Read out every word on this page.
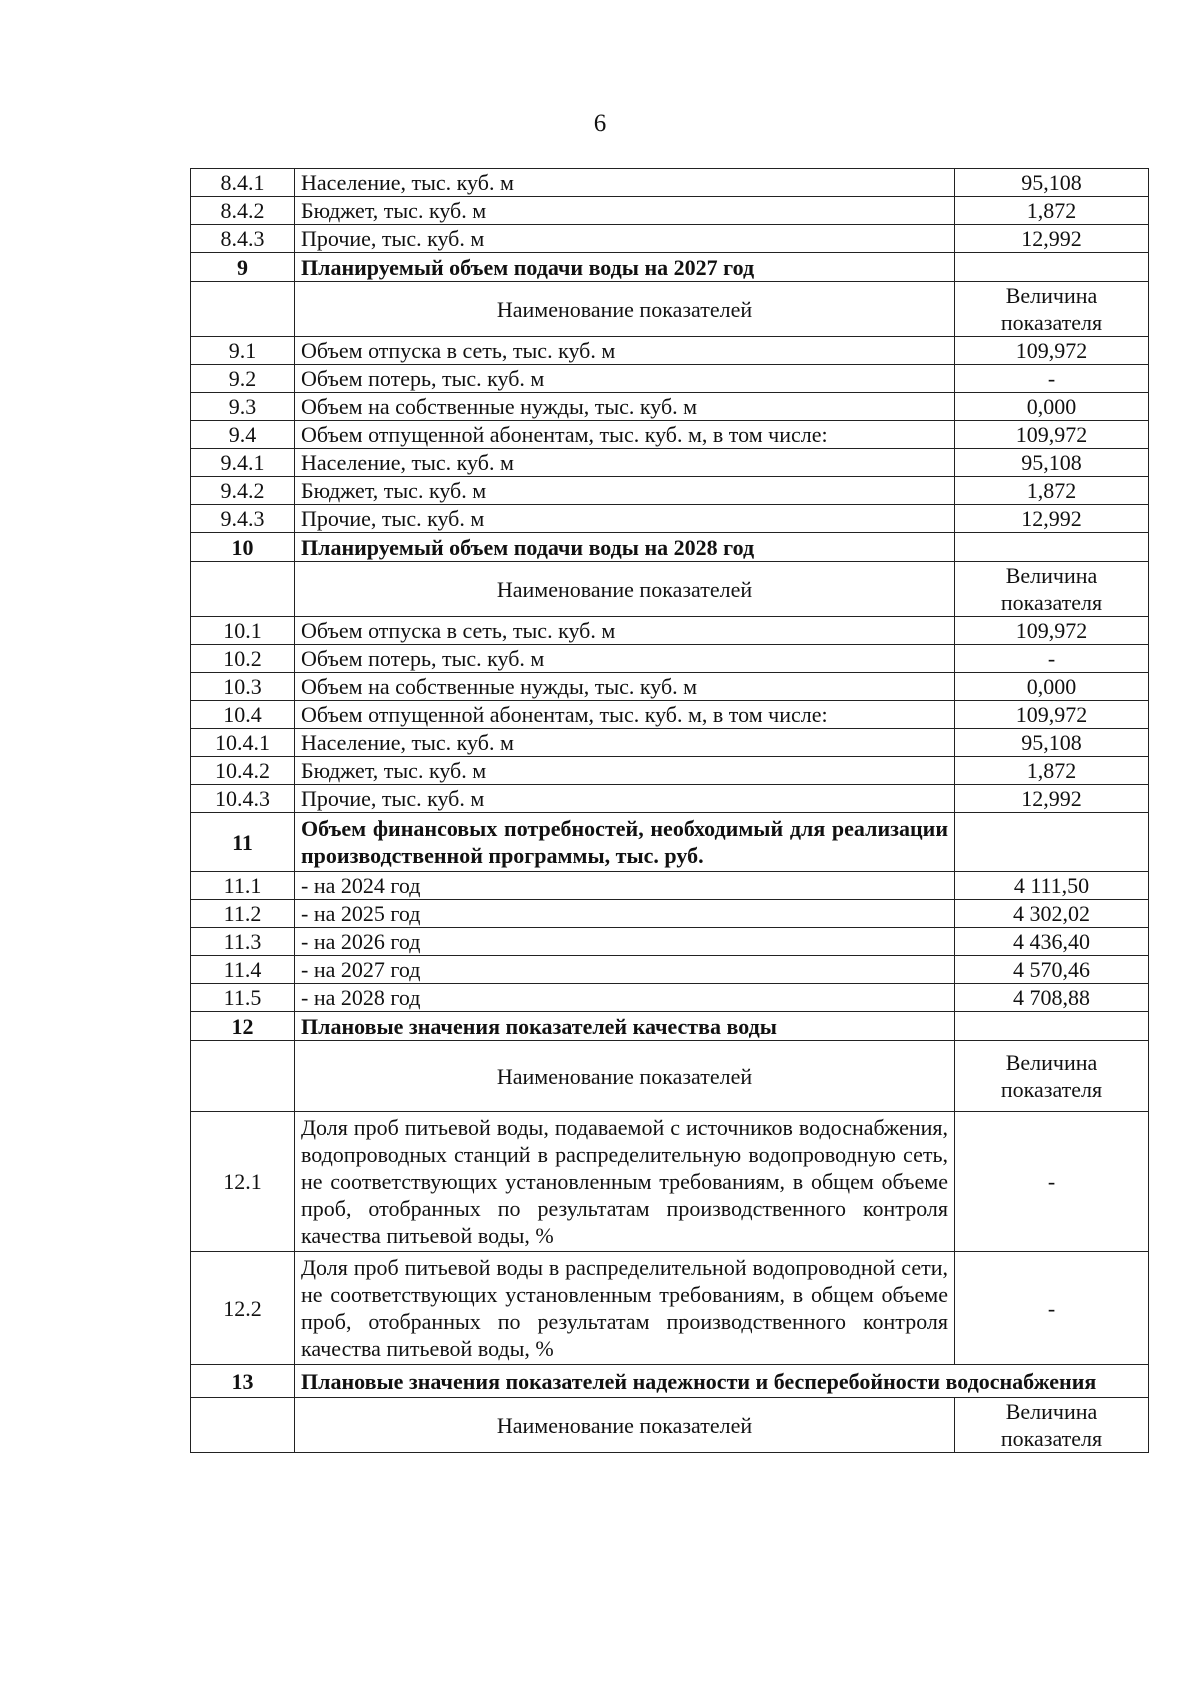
6
8.4.1	Население, тыс. куб. м	95,108
8.4.2	Бюджет, тыс. куб. м	1,872
8.4.3	Прочие, тыс. куб. м	12,992
9	Планируемый объем подачи воды на 2027 год	
	Наименование показателей	Величина показателя
9.1	Объем отпуска в сеть, тыс. куб. м	109,972
9.2	Объем потерь, тыс. куб. м	-
9.3	Объем на собственные нужды, тыс. куб. м	0,000
9.4	Объем отпущенной абонентам, тыс. куб. м, в том числе:	109,972
9.4.1	Население, тыс. куб. м	95,108
9.4.2	Бюджет, тыс. куб. м	1,872
9.4.3	Прочие, тыс. куб. м	12,992
10	Планируемый объем подачи воды на 2028 год	
	Наименование показателей	Величина показателя
10.1	Объем отпуска в сеть, тыс. куб. м	109,972
10.2	Объем потерь, тыс. куб. м	-
10.3	Объем на собственные нужды, тыс. куб. м	0,000
10.4	Объем отпущенной абонентам, тыс. куб. м, в том числе:	109,972
10.4.1	Население, тыс. куб. м	95,108
10.4.2	Бюджет, тыс. куб. м	1,872
10.4.3	Прочие, тыс. куб. м	12,992
11	Объем финансовых потребностей, необходимый для реализации производственной программы, тыс. руб.	
11.1	- на 2024 год	4 111,50
11.2	- на 2025 год	4 302,02
11.3	- на 2026 год	4 436,40
11.4	- на 2027 год	4 570,46
11.5	- на 2028 год	4 708,88
12	Плановые значения показателей качества воды	
	Наименование показателей	Величина показателя
12.1	Доля проб питьевой воды, подаваемой с источников водоснабжения, водопроводных станций в распределительную водопроводную сеть, не соответствующих установленным требованиям, в общем объеме проб, отобранных по результатам производственного контроля качества питьевой воды, %	-
12.2	Доля проб питьевой воды в распределительной водопроводной сети, не соответствующих установленным требованиям, в общем объеме проб, отобранных по результатам производственного контроля качества питьевой воды, %	-
13	Плановые значения показателей надежности и бесперебойности водоснабжения	
	Наименование показателей	Величина показателя
